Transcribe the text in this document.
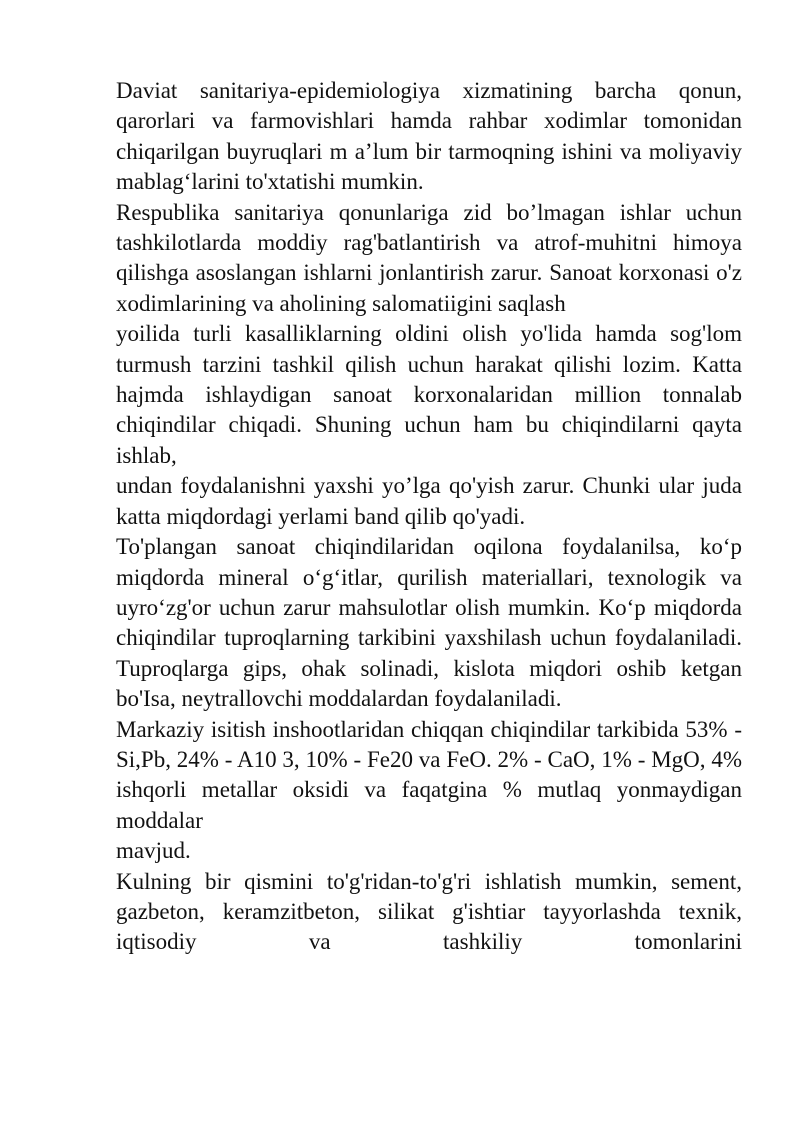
Daviat sanitariya-epidemiologiya xizmatining barcha qonun, qarorlari va farmovishlari hamda rahbar xodimlar tomonidan chiqarilgan buyruqlari m a’lum bir tarmoqning ishini va moliyaviy mablag‘larini to'xtatishi mumkin.

Respublika sanitariya qonunlariga zid bo’lmagan ishlar uchun tashkilotlarda moddiy rag'batlantirish va atrof-muhitni himoya qilishga asoslangan ishlarni jonlantirish zarur. Sanoat korxonasi o'z xodimlarining va aholining salomatiigini saqlash

yoilida turli kasalliklarning oldini olish yo'lida hamda sog'lom turmush tarzini tashkil qilish uchun harakat qilishi lozim. Katta hajmda ishlaydigan sanoat korxonalaridan million tonnalab chiqindilar chiqadi. Shuning uchun ham bu chiqindilarni qayta ishlab,

undan foydalanishni yaxshi yo’lga qo'yish zarur. Chunki ular juda katta miqdordagi yerlami band qilib qo'yadi.

To'plangan sanoat chiqindilaridan oqilona foydalanilsa, ko‘p miqdorda mineral o‘g‘itlar, qurilish materiallari, texnologik va uyro‘zg'or uchun zarur mahsulotlar olish mumkin. Ko‘p miqdorda chiqindilar tuproqlarning tarkibini yaxshilash uchun foydalaniladi. Tuproqlarga gips, ohak solinadi, kislota miqdori oshib ketgan bo'Isa, neytrallovchi moddalardan foydalaniladi.

Markaziy isitish inshootlaridan chiqqan chiqindilar tarkibida 53% - Si,Pb, 24% - A10 3, 10% - Fe20 va FeO. 2% - CaO, 1% - MgO, 4% ishqorli metallar oksidi va faqatgina % mutlaq yonmaydigan moddalar

mavjud.

Kulning bir qismini to'g'ridan-to'g'ri ishlatish mumkin, sement, gazbeton, keramzitbeton, silikat g'ishtiar tayyorlashda texnik, iqtisodiy va tashkiliy tomonlarini
